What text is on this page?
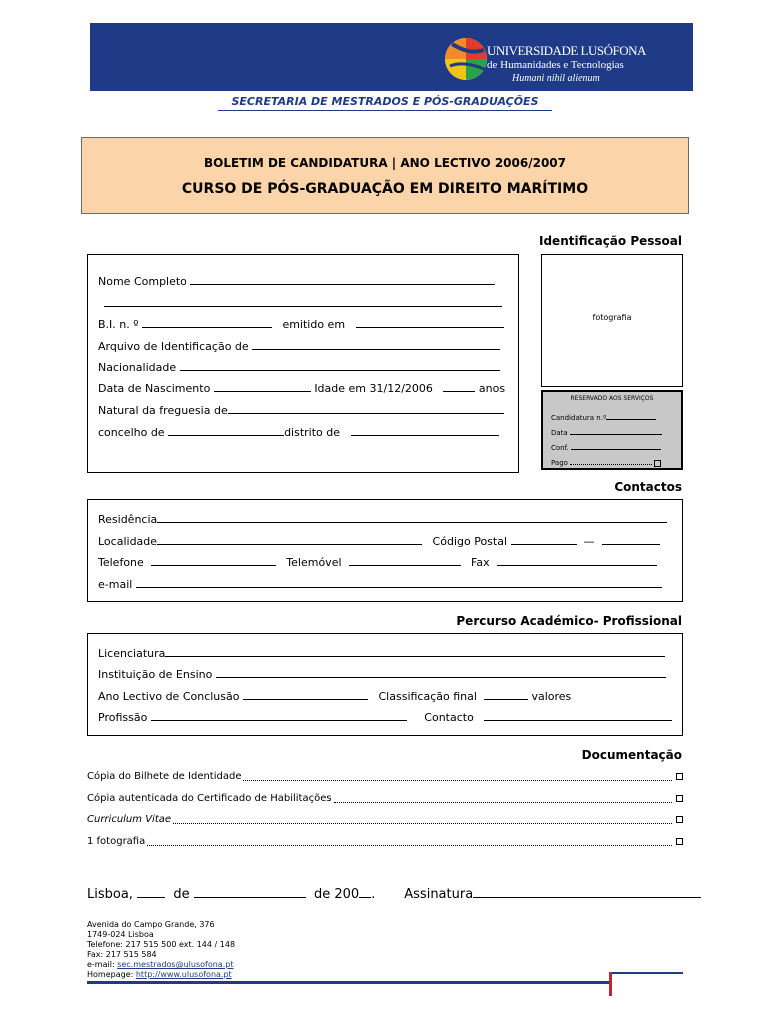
UNIVERSIDADE LUSÓFONA
de Humanidades e Tecnologias
Humani nihil alienum
SECRETARIA DE MESTRADOS E PÓS-GRADUAÇÕES
BOLETIM DE CANDIDATURA | ANO LECTIVO 2006/2007
CURSO DE PÓS-GRADUAÇÃO EM DIREITO MARÍTIMO
Identificação Pessoal
Nome Completo
B.I. n. º	emitido em
Arquivo de Identificação de
Nacionalidade
Data de Nascimento	Idade em 31/12/2006	anos
Natural da freguesia de
concelho de	distrito de
fotografia
RESERVADO AOS SERVIÇOS
Candidatura n.º
Data
Conf.
Pago
Contactos
Residência
Localidade	Código Postal	—
Telefone	Telemóvel	Fax
e-mail
Percurso Académico- Profissional
Licenciatura
Instituição de Ensino
Ano Lectivo de Conclusão	Classificação final	valores
Profissão	Contacto
Documentação
Cópia do Bilhete de Identidade
Cópia autenticada do Certificado de Habilitações
Curriculum Vitae
1 fotografia
Lisboa,	de	de 200 .       Assinatura
Avenida do Campo Grande, 376
1749-024 Lisboa
Telefone: 217 515 500 ext. 144 / 148
Fax: 217 515 584
e-mail: sec.mestrados@ulusofona.pt
Homepage: http://www.ulusofona.pt
